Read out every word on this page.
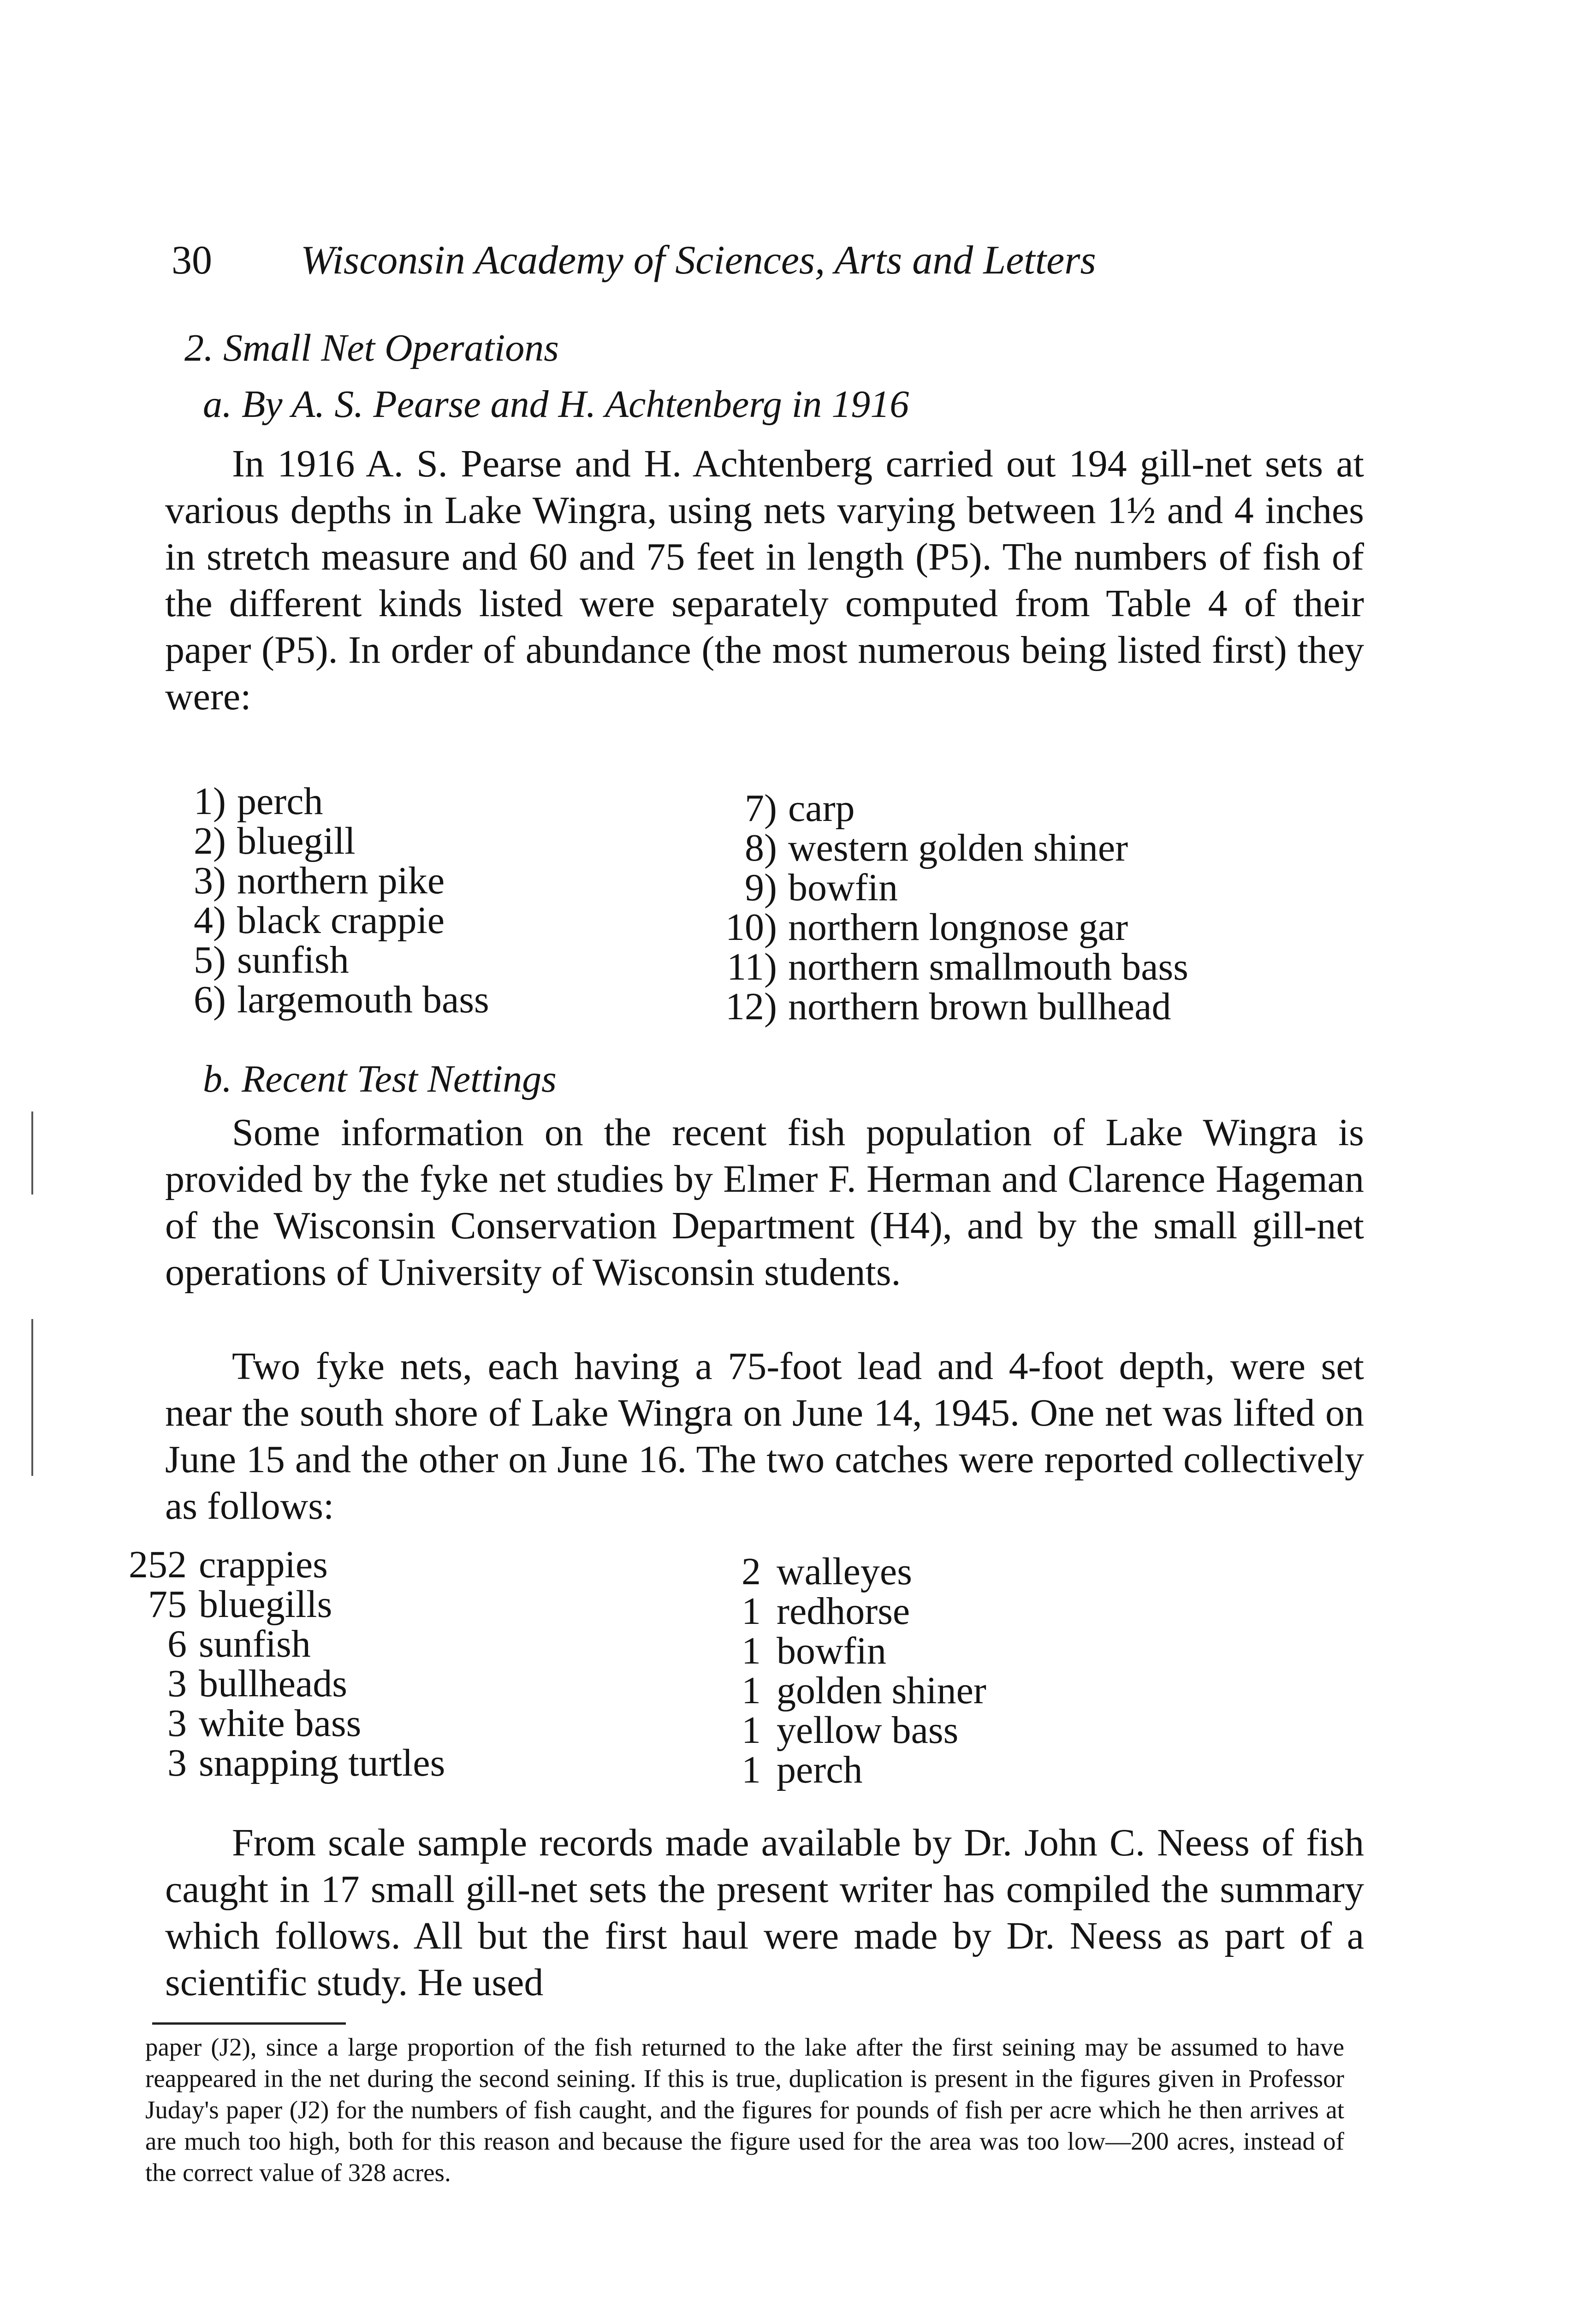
30 Wisconsin Academy of Sciences, Arts and Letters
2. Small Net Operations
a. By A. S. Pearse and H. Achtenberg in 1916

In 1916 A. S. Pearse and H. Achtenberg carried out 194 gill-net sets at various depths in Lake Wingra, using nets varying between 1½ and 4 inches in stretch measure and 60 and 75 feet in length (P5). The numbers of fish of the different kinds listed were separately computed from Table 4 of their paper (P5). In order of abundance (the most numerous being listed first) they were:

1) perch
2) bluegill
3) northern pike
4) black crappie
5) sunfish
6) largemouth bass
7) carp
8) western golden shiner
9) bowfin
10) northern longnose gar
11) northern smallmouth bass
12) northern brown bullhead
b. Recent Test Nettings

Some information on the recent fish population of Lake Wingra is provided by the fyke net studies by Elmer F. Herman and Clarence Hageman of the Wisconsin Conservation Department (H4), and by the small gill-net operations of University of Wisconsin students.

Two fyke nets, each having a 75-foot lead and 4-foot depth, were set near the south shore of Lake Wingra on June 14, 1945. One net was lifted on June 15 and the other on June 16. The two catches were reported collectively as follows:

252 crappies
75 bluegills
6 sunfish
3 bullheads
3 white bass
3 snapping turtles
2 walleyes
1 redhorse
1 bowfin
1 golden shiner
1 yellow bass
1 perch

From scale sample records made available by Dr. John C. Neess of fish caught in 17 small gill-net sets the present writer has compiled the summary which follows. All but the first haul were made by Dr. Neess as part of a scientific study. He used

paper (J2), since a large proportion of the fish returned to the lake after the first seining may be assumed to have reappeared in the net during the second seining. If this is true, duplication is present in the figures given in Professor Juday's paper (J2) for the numbers of fish caught, and the figures for pounds of fish per acre which he then arrives at are much too high, both for this reason and because the figure used for the area was too low—200 acres, instead of the correct value of 328 acres.
